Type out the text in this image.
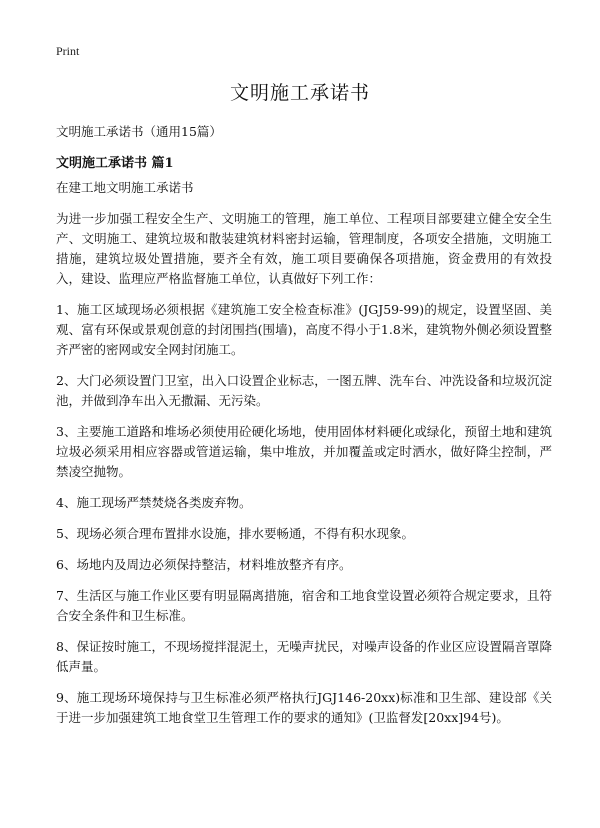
Print
文明施工承诺书

文明施工承诺书（通用15篇）

文明施工承诺书 篇1

在建工地文明施工承诺书

为进一步加强工程安全生产、文明施工的管理，施工单位、工程项目部要建立健全安全生产、文明施工、建筑垃圾和散装建筑材料密封运输，管理制度，各项安全措施，文明施工措施，建筑垃圾处置措施，要齐全有效，施工项目要确保各项措施，资金费用的有效投入，建设、监理应严格监督施工单位，认真做好下列工作：

1、施工区域现场必须根据《建筑施工安全检查标准》(JGJ59-99)的规定，设置坚固、美观、富有环保或景观创意的封闭围挡(围墙)，高度不得小于1.8米，建筑物外侧必须设置整齐严密的密网或安全网封闭施工。

2、大门必须设置门卫室，出入口设置企业标志，一图五牌、洗车台、冲洗设备和垃圾沉淀池，并做到净车出入无撒漏、无污染。

3、主要施工道路和堆场必须使用砼硬化场地，使用固体材料硬化或绿化，预留土地和建筑垃圾必须采用相应容器或管道运输，集中堆放，并加覆盖或定时洒水，做好降尘控制，严禁凌空抛物。

4、施工现场严禁焚烧各类废弃物。

5、现场必须合理布置排水设施，排水要畅通，不得有积水现象。

6、场地内及周边必须保持整洁，材料堆放整齐有序。

7、生活区与施工作业区要有明显隔离措施，宿舍和工地食堂设置必须符合规定要求，且符合安全条件和卫生标准。

8、保证按时施工，不现场搅拌混泥土，无噪声扰民，对噪声设备的作业区应设置隔音罩降低声量。

9、施工现场环境保持与卫生标准必须严格执行JGJ146-20xx)标准和卫生部、建设部《关于进一步加强建筑工地食堂卫生管理工作的要求的通知》(卫监督发[20xx]94号)。
